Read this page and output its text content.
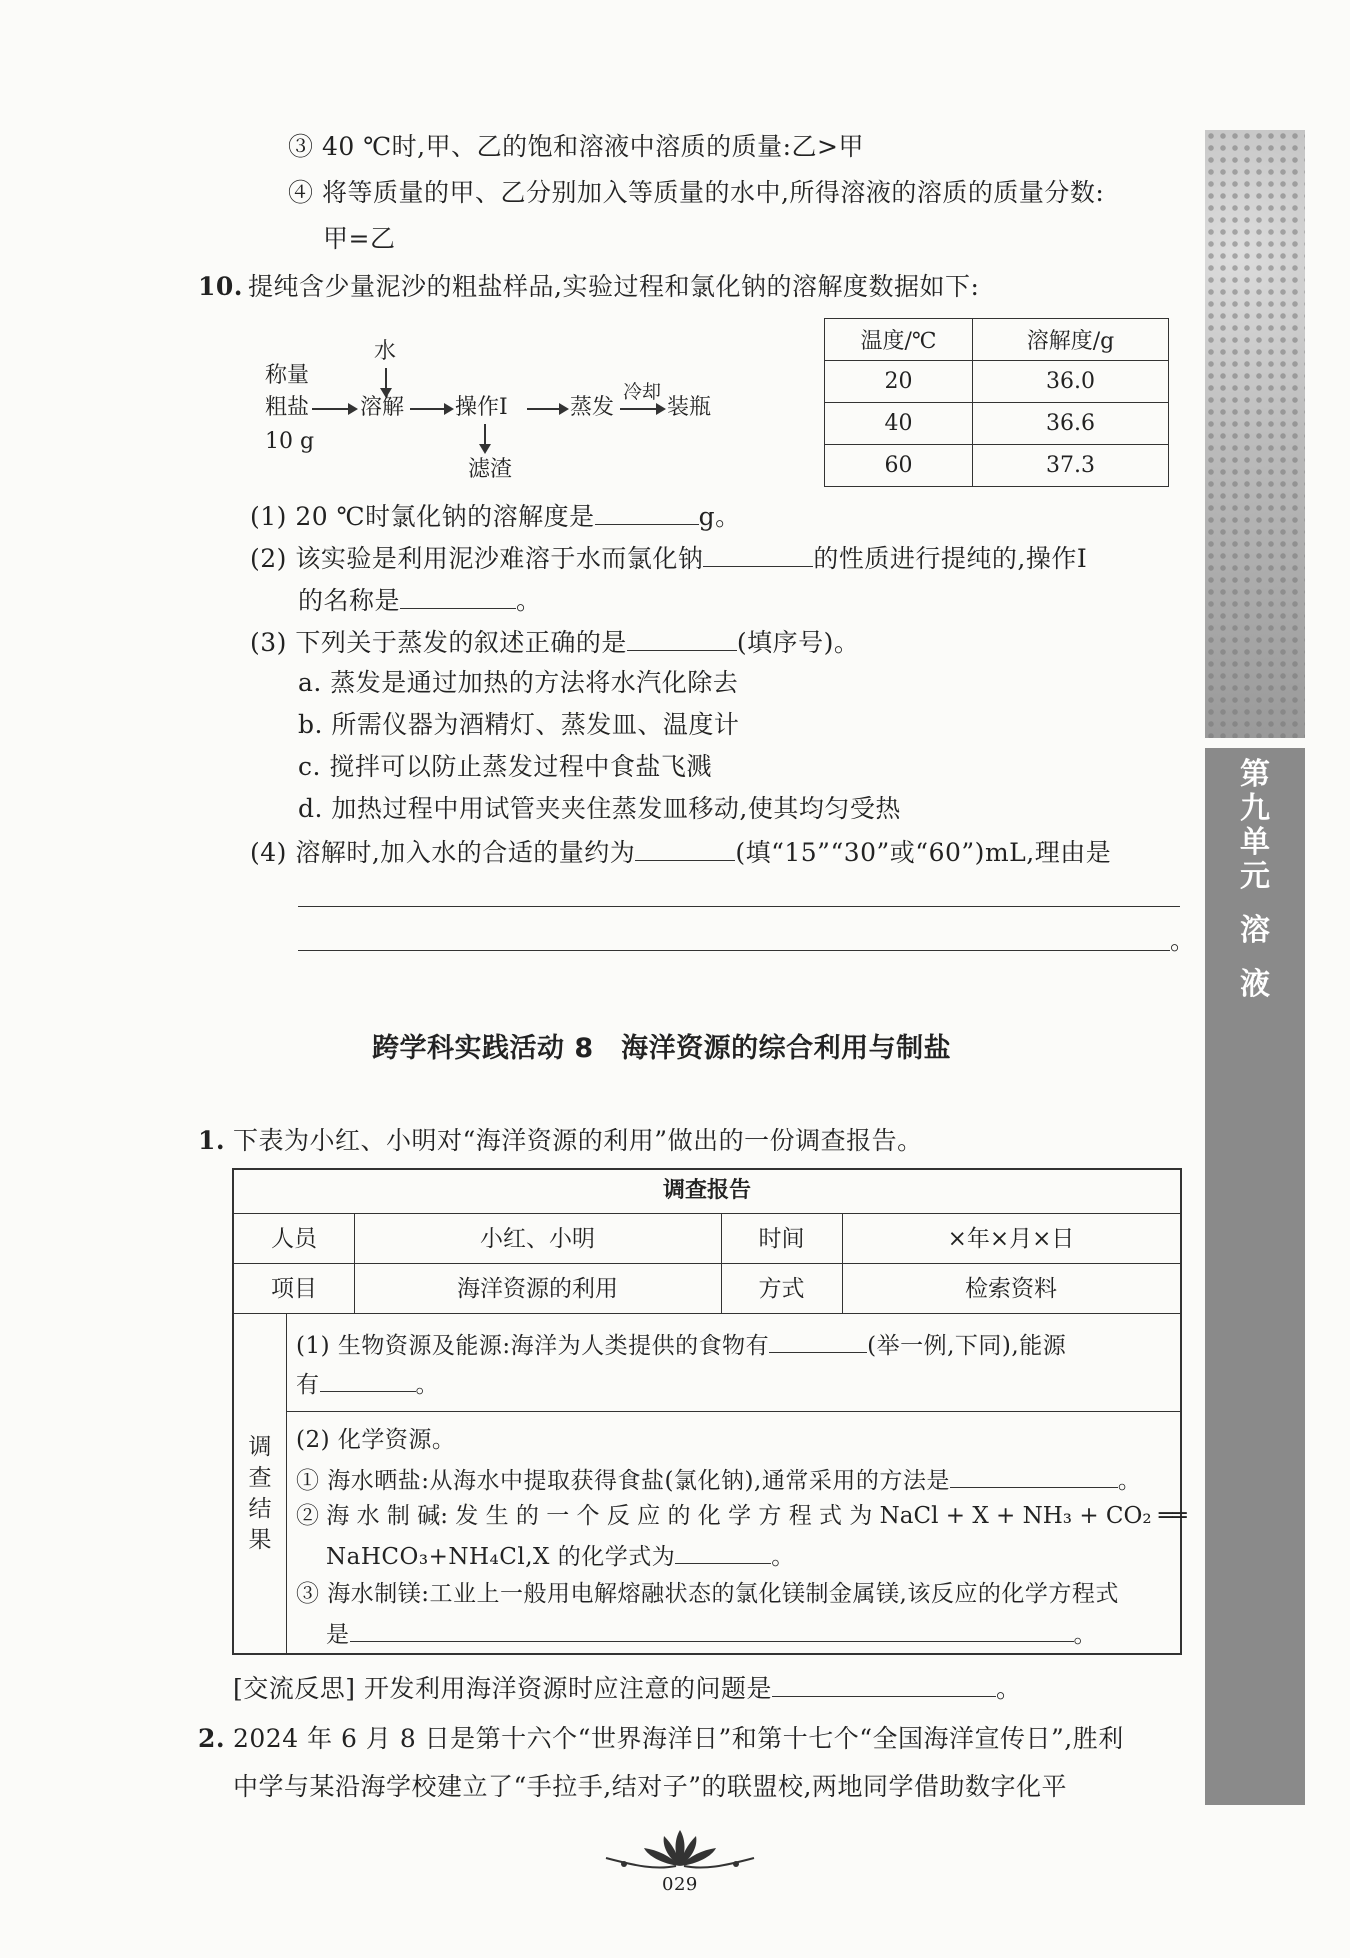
③ 40 ℃时,甲、乙的饱和溶液中溶质的质量:乙>甲
④ 将等质量的甲、乙分别加入等质量的水中,所得溶液的溶质的质量分数:
甲=乙
10. 提纯含少量泥沙的粗盐样品,实验过程和氯化钠的溶解度数据如下:
水
称量
粗盐
10 g
溶解 操作Ⅰ
滤渣
蒸发
冷却
装瓶
温度/℃	溶解度/g
20	36.0
40	36.6
60	37.3
(1) 20 ℃时氯化钠的溶解度是	g。
(2) 该实验是利用泥沙难溶于水而氯化钠	的性质进行提纯的,操作Ⅰ
的名称是	。
(3) 下列关于蒸发的叙述正确的是	(填序号)。
a. 蒸发是通过加热的方法将水汽化除去
b. 所需仪器为酒精灯、蒸发皿、温度计
c. 搅拌可以防止蒸发过程中食盐飞溅
d. 加热过程中用试管夹夹住蒸发皿移动,使其均匀受热
(4) 溶解时,加入水的合适的量约为	(填“15”“30”或“60”)mL,理由是
。
跨学科实践活动 8　海洋资源的综合利用与制盐
1. 下表为小红、小明对“海洋资源的利用”做出的一份调查报告。
调查报告
人员	小红、小明	时间	×年×月×日
项目	海洋资源的利用	方式	检索资料
调
查
结
果
(1) 生物资源及能源:海洋为人类提供的食物有	(举一例,下同),能源
有	。
(2) 化学资源。
① 海水晒盐:从海水中提取获得食盐(氯化钠),通常采用的方法是	。
② 海 水 制 碱: 发 生 的 一 个 反 应 的 化 学 方 程 式 为 NaCl + X + NH₃ + CO₂ ══
NaHCO₃+NH₄Cl,X 的化学式为	。
③ 海水制镁:工业上一般用电解熔融状态的氯化镁制金属镁,该反应的化学方程式
是	。
[交流反思] 开发利用海洋资源时应注意的问题是	。
2. 2024 年 6 月 8 日是第十六个“世界海洋日”和第十七个“全国海洋宣传日”,胜利
中学与某沿海学校建立了“手拉手,结对子”的联盟校,两地同学借助数字化平
第
九
单
元
溶
液
029
